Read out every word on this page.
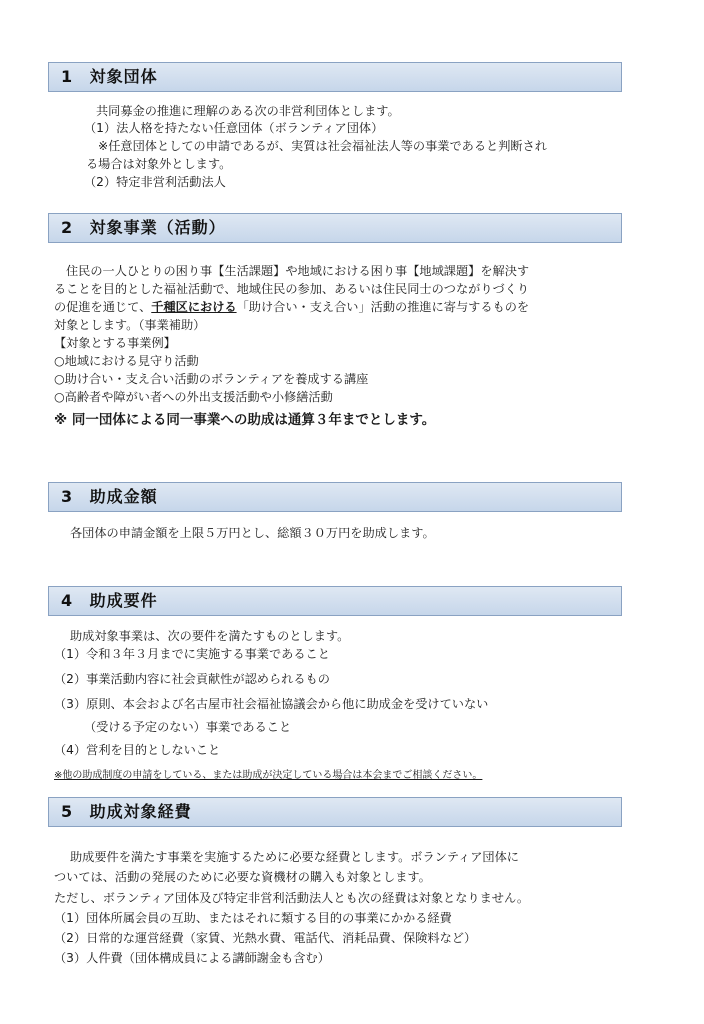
1 対象団体
共同募金の推進に理解のある次の非営利団体とします。
（1）法人格を持たない任意団体（ボランティア団体）
※任意団体としての申請であるが、実質は社会福祉法人等の事業であると判断され
る場合は対象外とします。
（2）特定非営利活動法人
2 対象事業（活動）
住民の一人ひとりの困り事【生活課題】や地域における困り事【地域課題】を解決す
ることを目的とした福祉活動で、地域住民の参加、あるいは住民同士のつながりづくり
の促進を通じて、千種区における「助け合い・支え合い」活動の推進に寄与するものを
対象とします。（事業補助）
【対象とする事業例】
○地域における見守り活動
○助け合い・支え合い活動のボランティアを養成する講座
○高齢者や障がい者への外出支援活動や小修繕活動
※ 同一団体による同一事業への助成は通算３年までとします。
3 助成金額
各団体の申請金額を上限５万円とし、総額３０万円を助成します。
4 助成要件
助成対象事業は、次の要件を満たすものとします。
（1）令和３年３月までに実施する事業であること
（2）事業活動内容に社会貢献性が認められるもの
（3）原則、本会および名古屋市社会福祉協議会から他に助成金を受けていない
（受ける予定のない）事業であること
（4）営利を目的としないこと
※他の助成制度の申請をしている、または助成が決定している場合は本会までご相談ください。
5 助成対象経費
助成要件を満たす事業を実施するために必要な経費とします。ボランティア団体に
ついては、活動の発展のために必要な資機材の購入も対象とします。
ただし、ボランティア団体及び特定非営利活動法人とも次の経費は対象となりません。
（1）団体所属会員の互助、またはそれに類する目的の事業にかかる経費
（2）日常的な運営経費（家賃、光熱水費、電話代、消耗品費、保険料など）
（3）人件費（団体構成員による講師謝金も含む）
